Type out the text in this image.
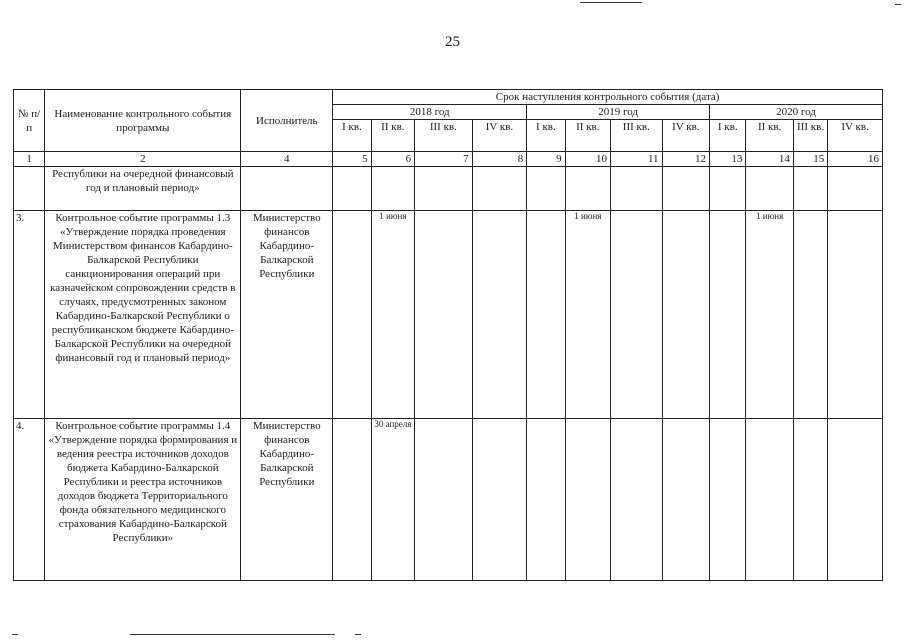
25
№ п/п	Наименование контрольного события программы	Исполнитель	Срок наступления контрольного события (дата)											
			2018 год				2019 год				2020 год			
			I кв.	II кв.	III кв.	IV кв.	I кв.	II кв.	III кв.	IV кв.	I кв.	II кв.	III кв.	IV кв.
1	2	4	5	6	7	8	9	10	11	12	13	14	15	16
	Республики на очередной финансовый год и плановый период»													
3.	Контрольное событие программы 1.3 «Утверждение порядка проведения Министерством финансов Кабардино-Балкарской Республики санкционирования операций при казначейском сопровождении средств в случаях, предусмотренных законом Кабардино-Балкарской Республики о республиканском бюджете Кабардино-Балкарской Республики на очередной финансовый год и плановый период»	Министерство финансов Кабардино-Балкарской Республики		1 июня				1 июня				1 июня		
4.	Контрольное событие программы 1.4 «Утверждение порядка формирования и ведения реестра источников доходов бюджета Кабардино-Балкарской Республики и реестра источников доходов бюджета Территориального фонда обязательного медицинского страхования Кабардино-Балкарской Республики»	Министерство финансов Кабардино-Балкарской Республики		30 апреля										
